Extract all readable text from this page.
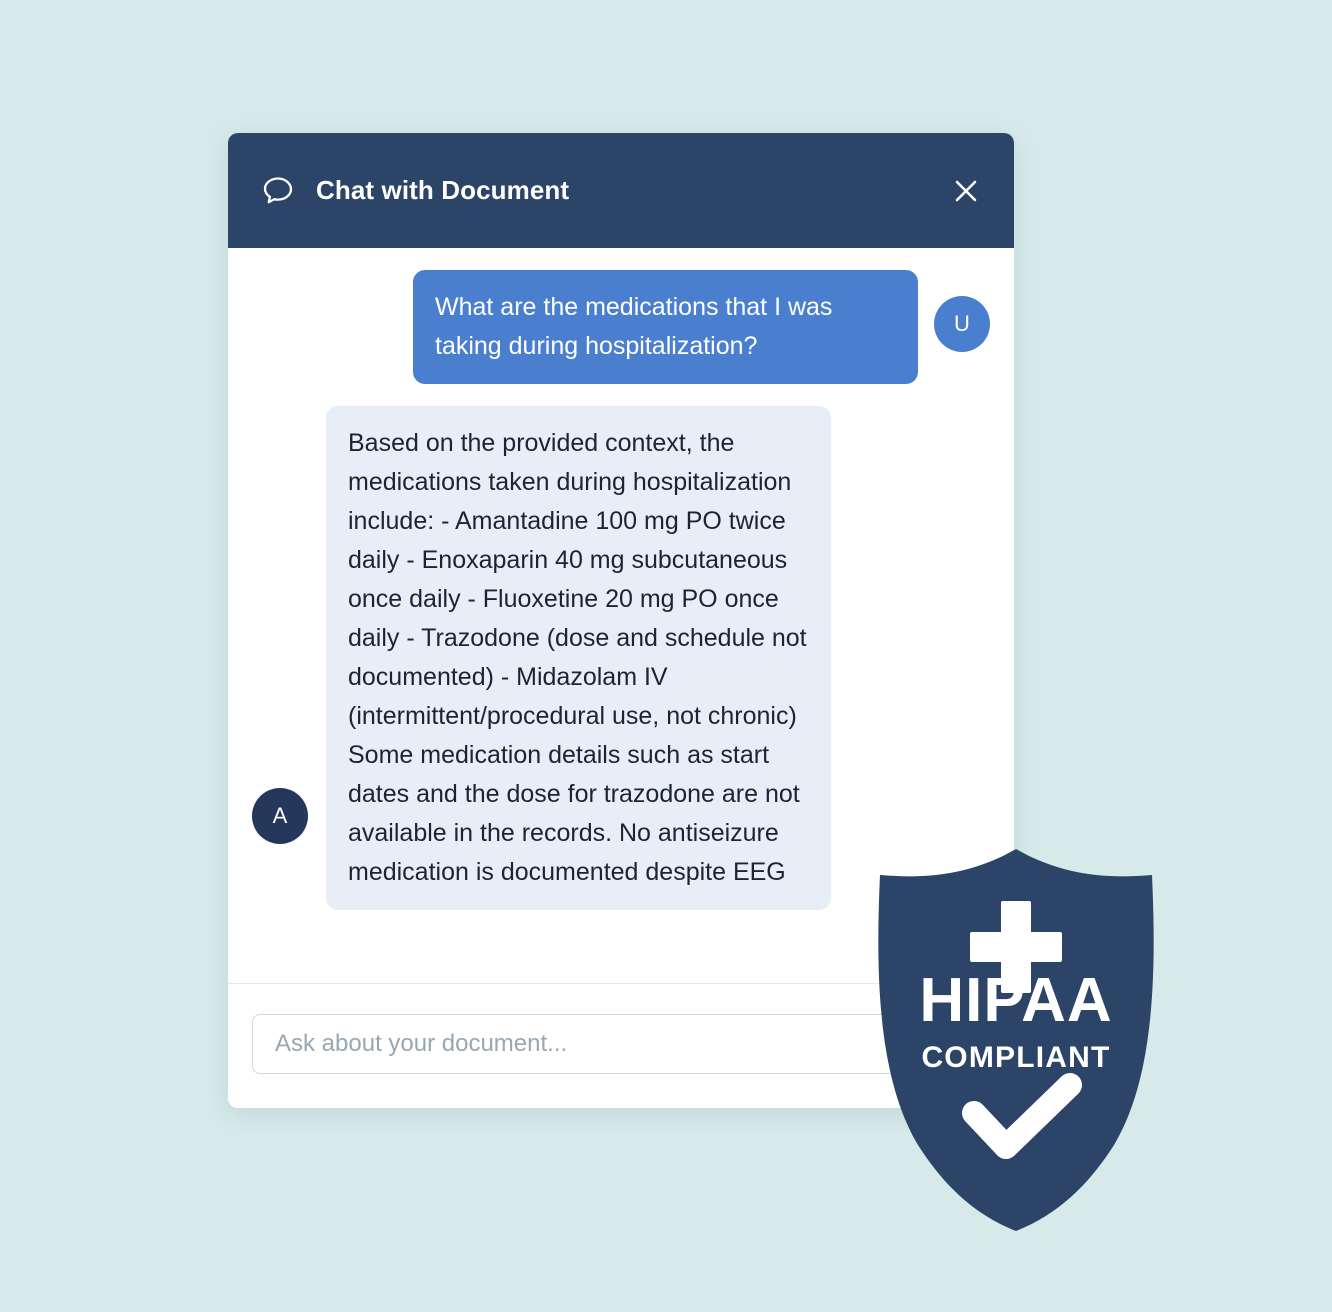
Chat with Document
What are the medications that I was taking during hospitalization?
U
A
Based on the provided context, the medications taken during hospitalization include: - Amantadine 100 mg PO twice daily - Enoxaparin 40 mg subcutaneous once daily - Fluoxetine 20 mg PO once daily - Trazodone (dose and schedule not documented) - Midazolam IV (intermittent/procedural use, not chronic) Some medication details such as start dates and the dose for trazodone are not available in the records. No antiseizure medication is documented despite EEG
Ask about your document...
HIPAA
COMPLIANT
